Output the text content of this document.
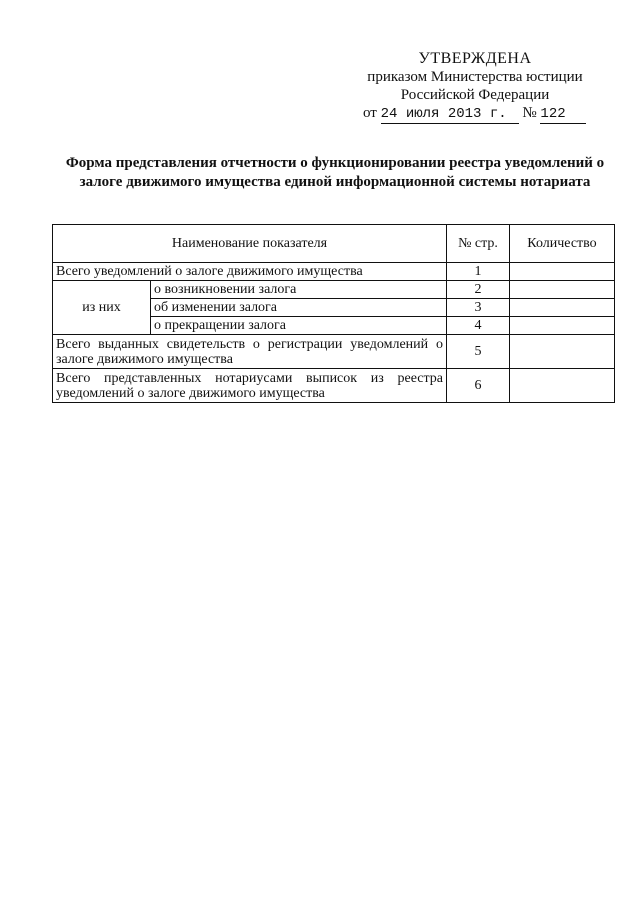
УТВЕРЖДЕНА
приказом Министерства юстиции
Российской Федерации
от 24 июля 2013 г. № 122
Форма представления отчетности о функционировании реестра уведомлений о залоге движимого имущества единой информационной системы нотариата
Наименование показателя		№ стр.	Количество
Всего уведомлений о залоге движимого имущества		1	
из них	о возникновении залога	2	
	об изменении залога	3	
	о прекращении залога	4	
Всего выданных свидетельств о регистрации уведомлений о залоге движимого имущества		5	
Всего представленных нотариусами выписок из реестра уведомлений о залоге движимого имущества		6	
